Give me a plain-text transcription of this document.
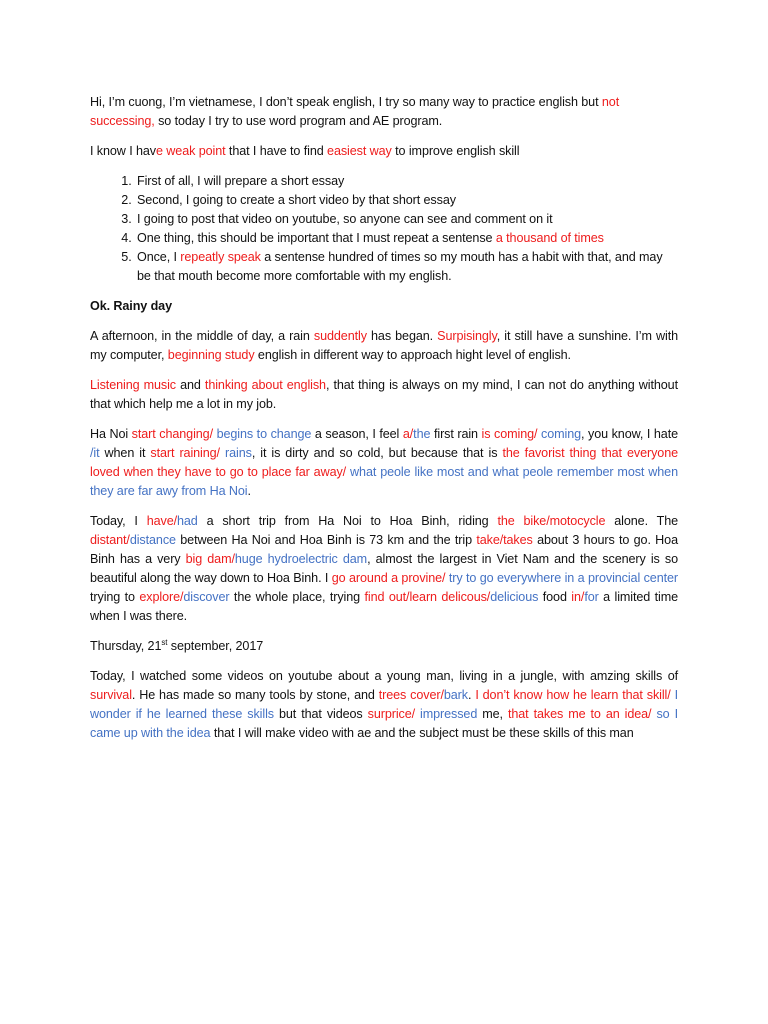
Hi, I’m cuong, I’m vietnamese, I don’t speak english, I try so many way to practice english but not successing, so today I try to use word program and AE program.

I know I have weak point that I have to find easiest way to improve english skill

1. First of all, I will prepare a short essay
2. Second, I going to create a short video by that short essay
3. I going to post that video on youtube, so anyone can see and comment on it
4. One thing, this should be important that I must repeat a sentense a thousand of times
5. Once, I repeatly speak a sentense hundred of times so my mouth has a habit with that, and may be that mouth become more comfortable with my english.

Ok. Rainy day

A afternoon, in the middle of day, a rain suddently has began. Surpisingly, it still have a sunshine. I’m with my computer, beginning study english in different way to approach hight level of english.

Listening music and thinking about english, that thing is always on my mind, I can not do anything without that which help me a lot in my job.

Ha Noi start changing/ begins to change a season, I feel a/the first rain is coming/ coming, you know, I hate /it when it start raining/ rains, it is dirty and so cold, but because that is the favorist thing that everyone loved when they have to go to place far away/ what peole like most and what peole remember most when they are far awy from Ha Noi.

Today, I have/had a short trip from Ha Noi to Hoa Binh, riding the bike/motocycle alone. The distant/distance between Ha Noi and Hoa Binh is 73 km and the trip take/takes about 3 hours to go. Hoa Binh has a very big dam/huge hydroelectric dam, almost the largest in Viet Nam and the scenery is so beautiful along the way down to Hoa Binh. I go around a provine/ try to go everywhere in a provincial center trying to explore/discover the whole place, trying find out/learn delicous/delicious food in/for a limited time when I was there.

Thursday, 21st september, 2017

Today, I watched some videos on youtube about a young man, living in a jungle, with amzing skills of survival. He has made so many tools by stone, and trees cover/bark. I don’t know how he learn that skill/ I wonder if he learned these skills but that videos surprice/ impressed me, that takes me to an idea/ so I came up with the idea that I will make video with ae and the subject must be these skills of this man
